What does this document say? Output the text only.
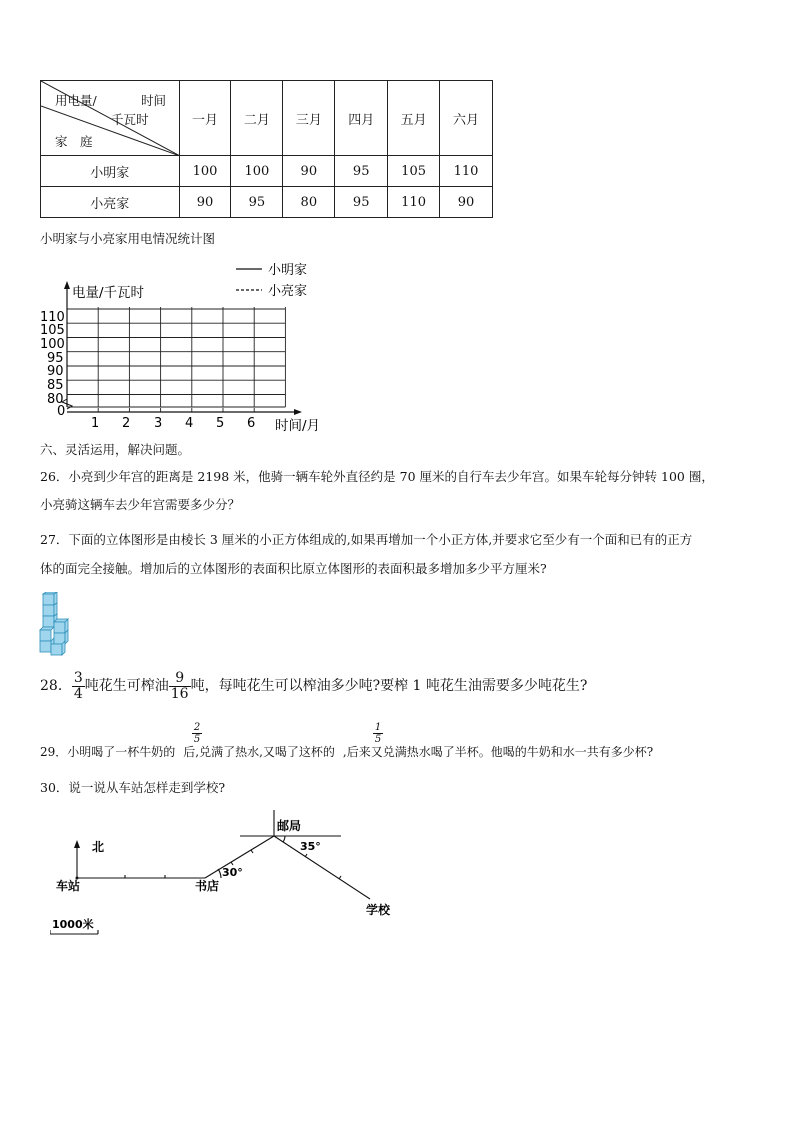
用电量/ 时间
千瓦时
家　庭	一月	二月	三月	四月	五月	六月
小明家	100	100	90	95	105	110
小亮家	90	95	80	95	110	90
小明家与小亮家用电情况统计图
小明家
小亮家
电量/千瓦时
110
105
100
95
90
85
80
0
1 2 3 4 5 6 时间/月
六、灵活运用，解决问题。
26．小亮到少年宫的距离是 2198 米，他骑一辆车轮外直径约是 70 厘米的自行车去少年宫。如果车轮每分钟转 100 圈，
小亮骑这辆车去少年宫需要多少分？
27．下面的立体图形是由棱长 3 厘米的小正方体组成的,如果再增加一个小正方体,并要求它至少有一个面和已有的正方
体的面完全接触。增加后的立体图形的表面积比原立体图形的表面积最多增加多少平方厘米?
28． $\frac{3}{4}$ 吨花生可榨油 $\frac{9}{16}$ 吨，每吨花生可以榨油多少吨?要榨 1 吨花生油需要多少吨花生?
29．小明喝了一杯牛奶的 后,兑满了热水,又喝了这杯的 ,后来又兑满热水喝了半杯。他喝的牛奶和水一共有多少杯?
2
5
1
5
30．说一说从车站怎样走到学校?
北
车站	书店
30°
邮局
35°
学校
1000米
